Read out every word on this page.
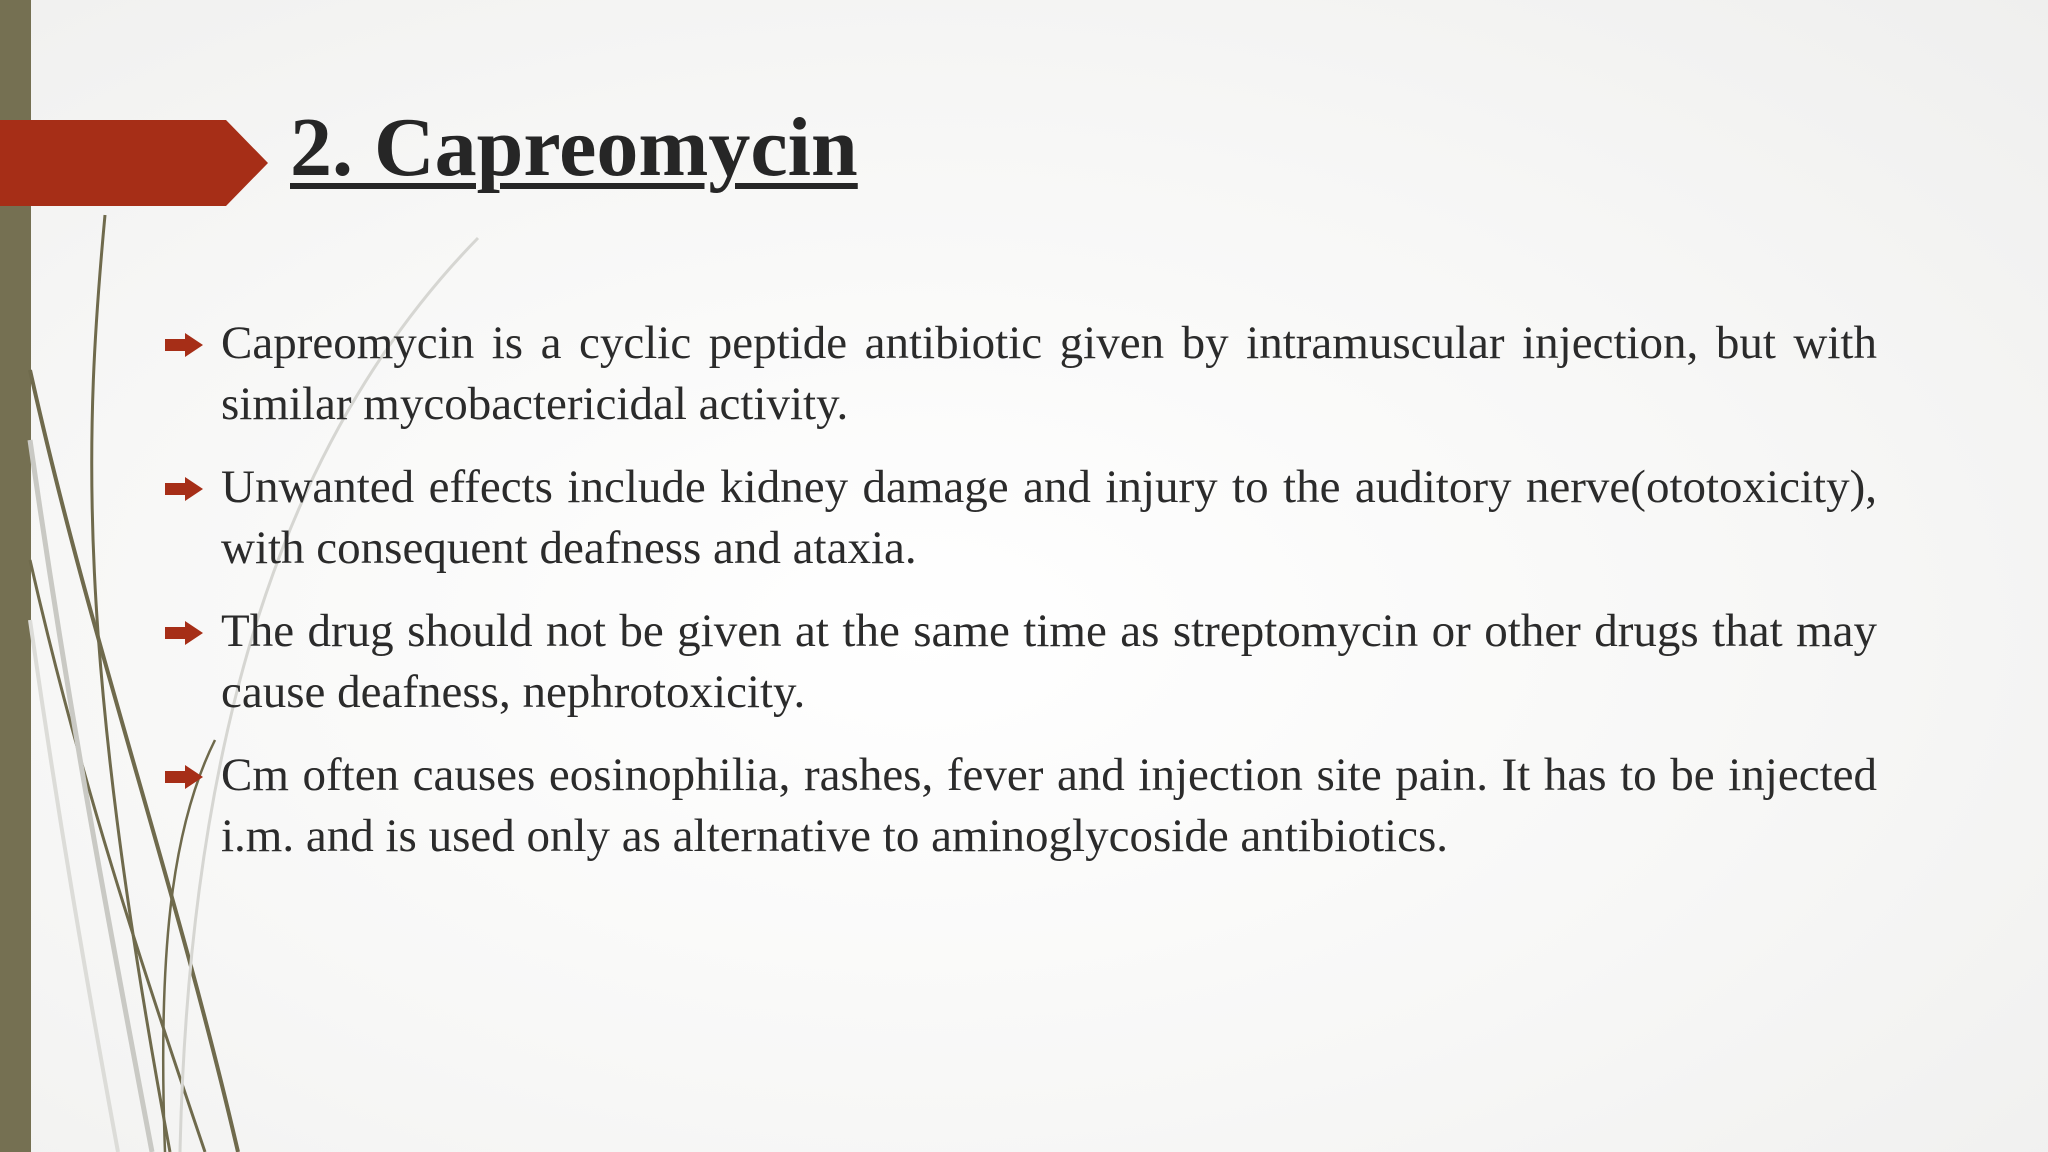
2. Capreomycin
Capreomycin is a cyclic peptide antibiotic given by intramuscular injection, but with similar mycobactericidal activity.
Unwanted effects include kidney damage and injury to the auditory nerve(ototoxicity), with consequent deafness and ataxia.
The drug should not be given at the same time as streptomycin or other drugs that may cause deafness, nephrotoxicity.
Cm often causes eosinophilia, rashes, fever and injection site pain. It has to be injected i.m. and is used only as alternative to aminoglycoside antibiotics.
